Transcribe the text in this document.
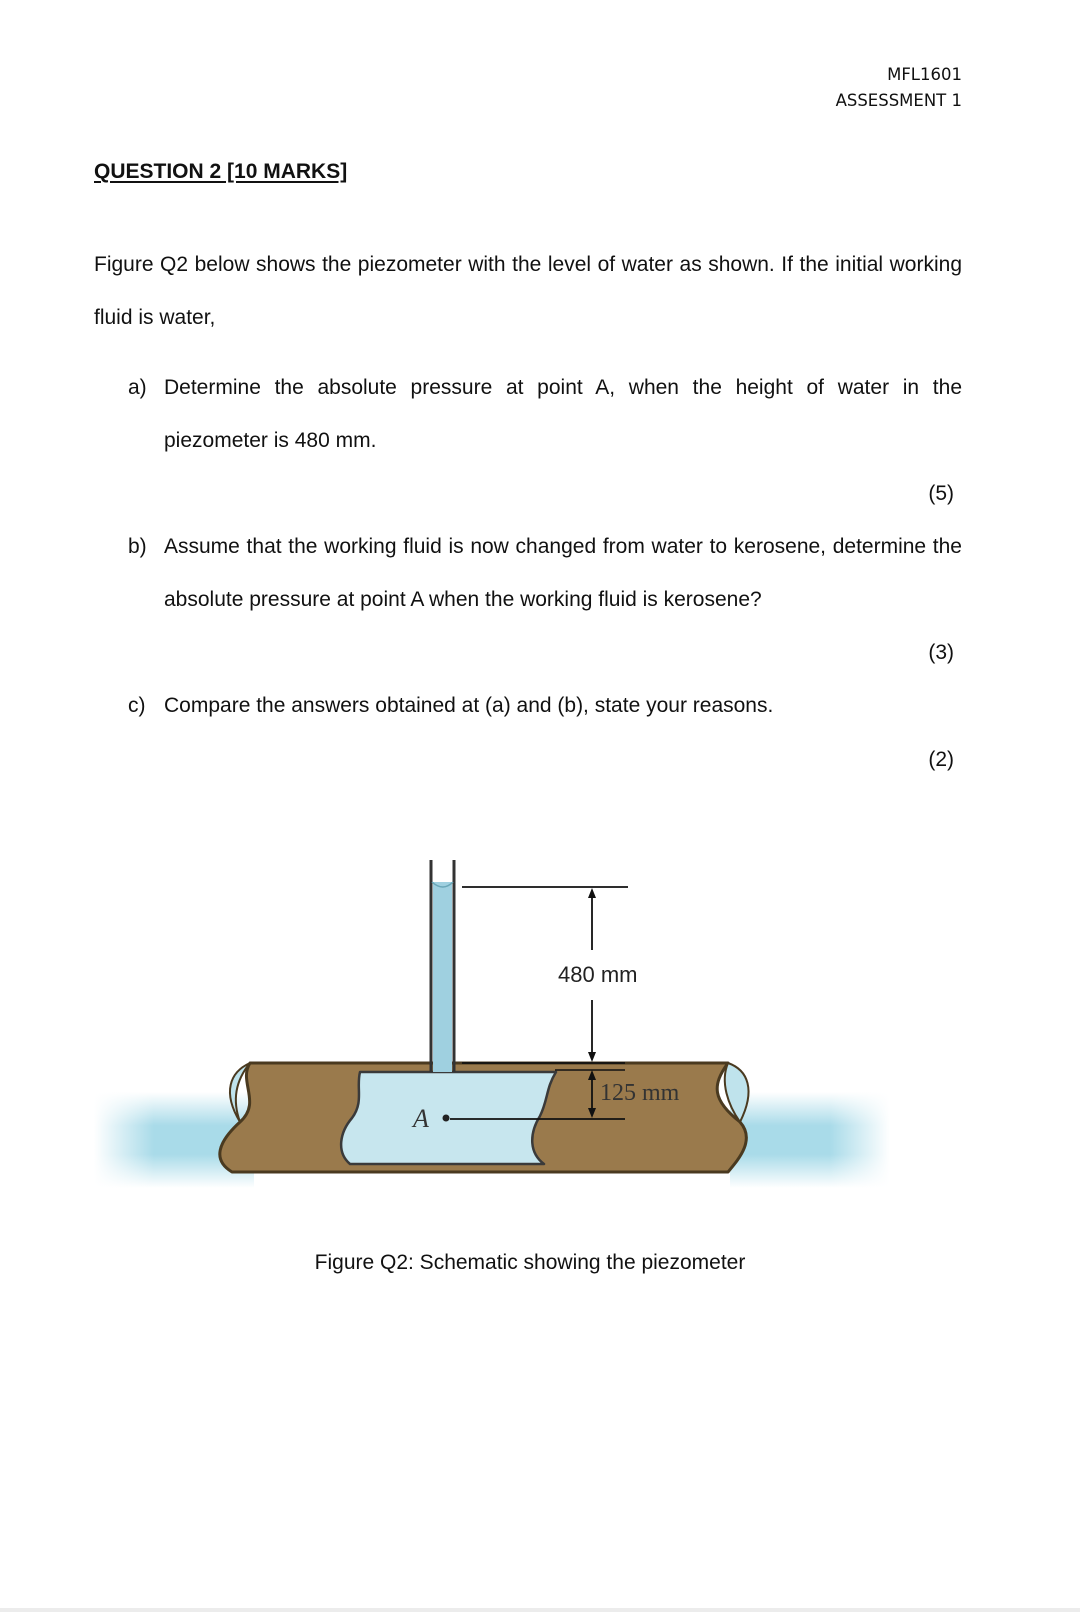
MFL1601
ASSESSMENT 1
QUESTION 2 [10 MARKS]
Figure Q2 below shows the piezometer with the level of water as shown. If the initial working fluid is water,
a) Determine the absolute pressure at point A, when the height of water in the piezometer is 480 mm.
(5)
b) Assume that the working fluid is now changed from water to kerosene, determine the absolute pressure at point A when the working fluid is kerosene?
(3)
c) Compare the answers obtained at (a) and (b), state your reasons.
(2)
480 mm
125 mm
A
Figure Q2: Schematic showing the piezometer
